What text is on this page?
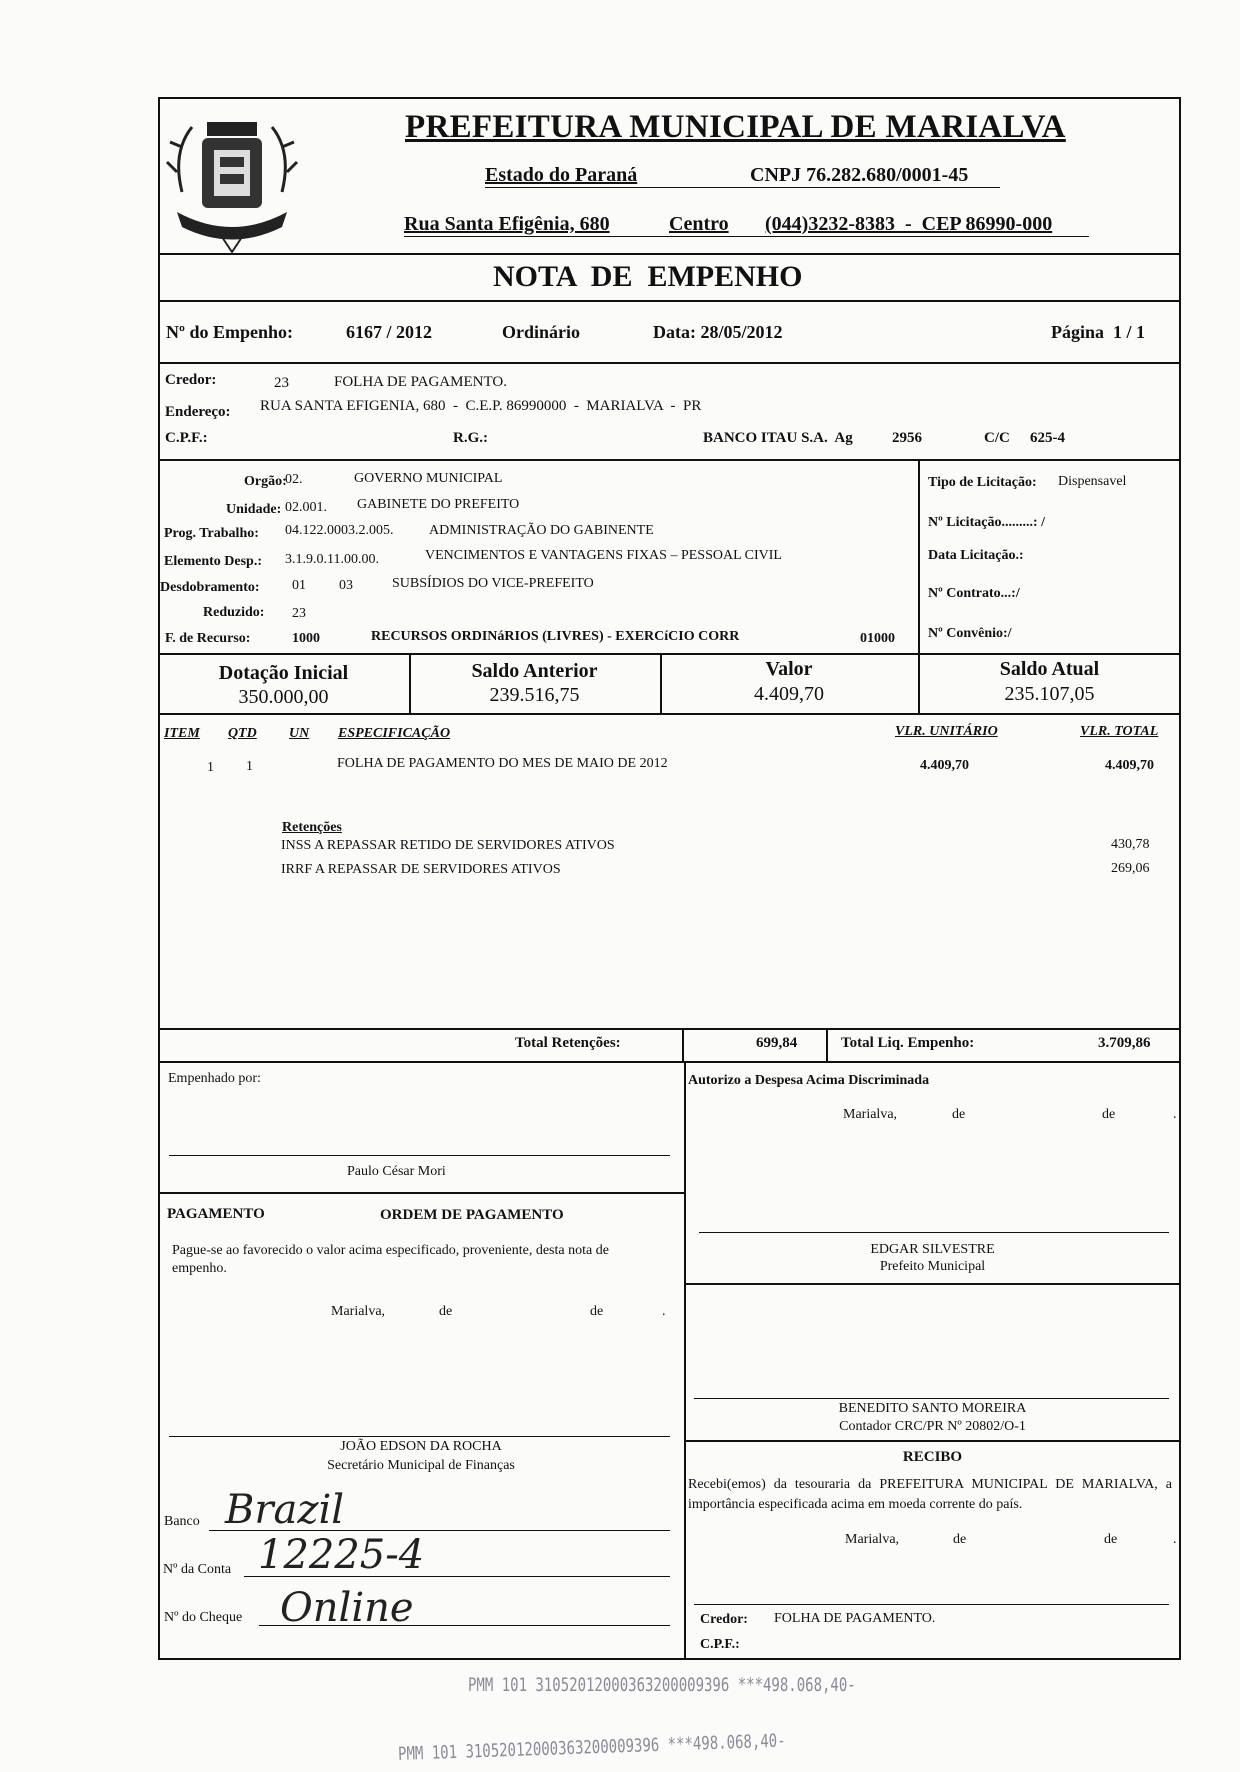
PREFEITURA MUNICIPAL DE MARIALVA
Estado do Paraná	CNPJ 76.282.680/0001-45
Rua Santa Efigênia, 680	Centro (044)3232-8383  -  CEP 86990-000
NOTA  DE  EMPENHO
Nº do Empenho:	6167 / 2012	Ordinário	Data: 28/05/2012	Página  1 / 1
Credor:	23	FOLHA DE PAGAMENTO.
Endereço: RUA SANTA EFIGENIA, 680  -  C.E.P. 86990000  -  MARIALVA  -  PR
C.P.F.:	R.G.:	BANCO ITAU S.A.  Ag	2956	C/C 625-4
Orgão:
02.	GOVERNO MUNICIPAL
Unidade: 02.001. GABINETE DO PREFEITO
Prog. Trabalho: 04.122.0003.2.005.	ADMINISTRAÇÃO DO GABINENTE
Elemento Desp.: 3.1.9.0.11.00.00.	VENCIMENTOS E VANTAGENS FIXAS – PESSOAL CIVIL
Desdobramento: 01 03	SUBSÍDIOS DO VICE-PREFEITO
Reduzido: 23
F. de Recurso:	1000	RECURSOS ORDINáRIOS (LIVRES) - EXERCíCIO CORR	01000
Tipo de Licitação: Dispensavel
Nº Licitação.........: /
Data Licitação.:
Nº Contrato...:/
Nº Convênio:/
Dotação Inicial
350.000,00
Saldo Anterior
239.516,75
Valor
4.409,70
Saldo Atual
235.107,05
ITEM QTD UN ESPECIFICAÇÃO	VLR. UNITÁRIO	VLR. TOTAL
1 1	FOLHA DE PAGAMENTO DO MES DE MAIO DE 2012	4.409,70	4.409,70
Retenções
INSS A REPASSAR RETIDO DE SERVIDORES ATIVOS	430,78
IRRF A REPASSAR DE SERVIDORES ATIVOS	269,06
Total Retenções:	699,84	Total Liq. Empenho:	3.709,86
Empenhado por:
Paulo César Mori
PAGAMENTO	ORDEM DE PAGAMENTO
Pague-se ao favorecido o valor acima especificado, proveniente, desta nota de empenho.
Marialva,	de	de	.
JOÃO EDSON DA ROCHA
Secretário Municipal de Finanças
Banco Brazil
Nº da Conta 12225-4
Nº do Cheque Online
Autorizo a Despesa Acima Discriminada
Marialva,	de	de	.
EDGAR SILVESTRE
Prefeito Municipal
BENEDITO SANTO MOREIRA
Contador CRC/PR Nº 20802/O-1
RECIBO
Recebi(emos) da tesouraria da PREFEITURA MUNICIPAL DE MARIALVA, a importância especificada acima em moeda corrente do país.
Marialva,	de	de	.
Credor: FOLHA DE PAGAMENTO.
C.P.F.:
PMM 101 31052012000363200009396 ***498.068,40-
PMM 101 31052012000363200009396 ***498.068,40-
